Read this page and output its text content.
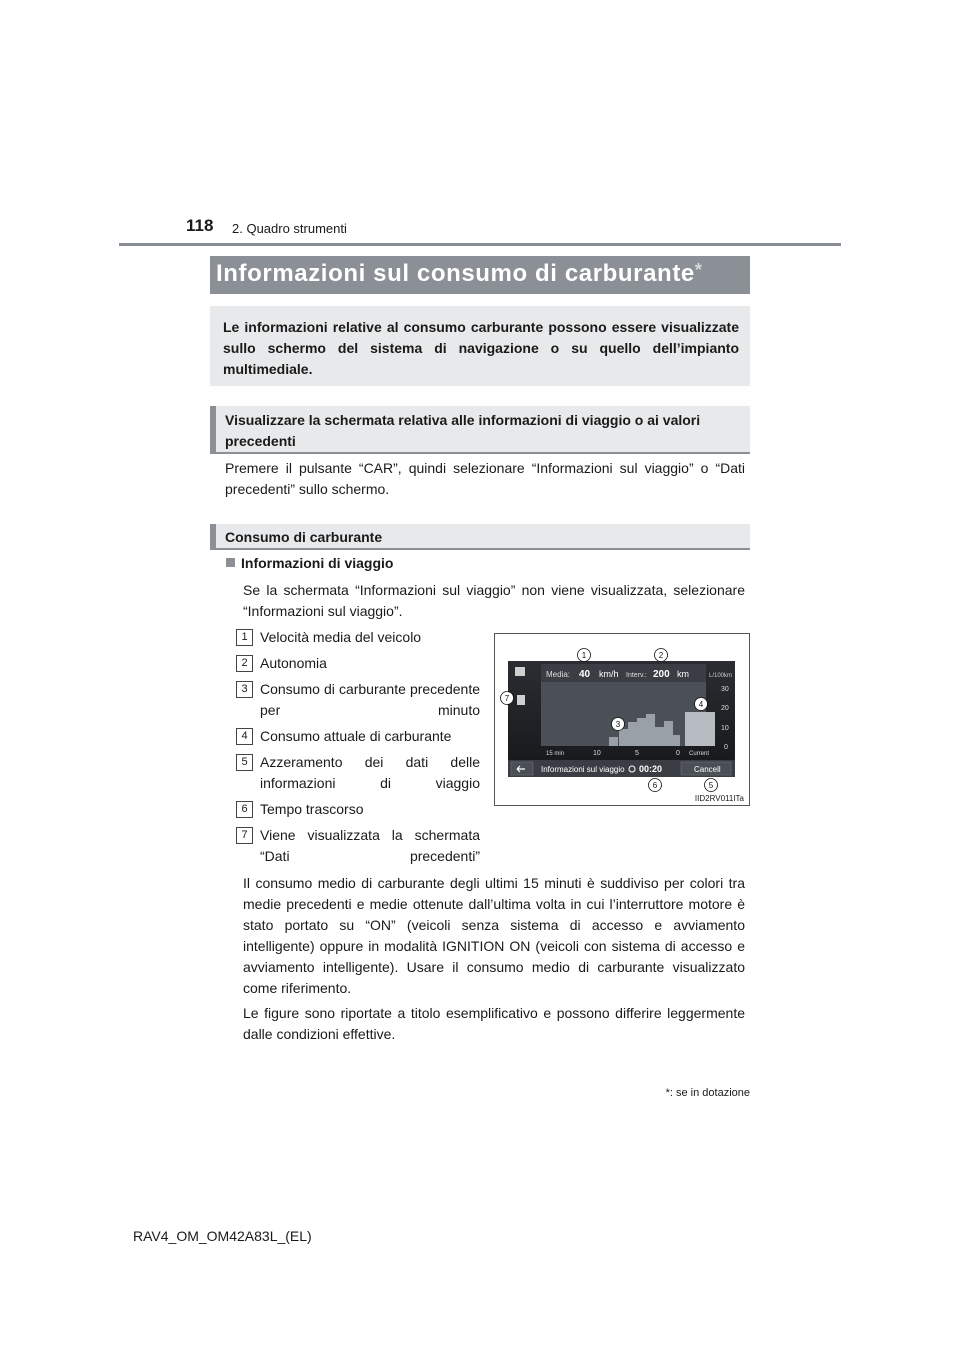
118 2. Quadro strumenti
Informazioni sul consumo di carburante*
Le informazioni relative al consumo carburante possono essere visualizzate sullo schermo del sistema di navigazione o su quello dell’impianto multimediale.
Visualizzare la schermata relativa alle informazioni di viaggio o ai valori precedenti
Premere il pulsante “CAR”, quindi selezionare “Informazioni sul viaggio” o “Dati precedenti” sullo schermo.
Consumo di carburante
Informazioni di viaggio
Se la schermata “Informazioni sul viaggio” non viene visualizzata, selezionare “Informazioni sul viaggio”.
1 Velocità media del veicolo
2 Autonomia
3 Consumo di carburante precedente per minuto
4 Consumo attuale di carburante
5 Azzeramento dei dati delle informazioni di viaggio
6 Tempo trascorso
7 Viene visualizzata la schermata “Dati precedenti”
Media: 40 km/h Interv.: 200 km	L/100km
30
20
10
0
15 min	10	5	0 Current
Informazioni sul viaggio 00:20	Cancell
1	2
3
4
5
6
7
IID2RV011ITa
Il consumo medio di carburante degli ultimi 15 minuti è suddiviso per colori tra medie precedenti e medie ottenute dall’ultima volta in cui l’interruttore motore è stato portato su “ON” (veicoli senza sistema di accesso e avviamento intelligente) oppure in modalità IGNITION ON (veicoli con sistema di accesso e avviamento intelligente). Usare il consumo medio di carburante visualizzato come riferimento.
Le figure sono riportate a titolo esemplificativo e possono differire leggermente dalle condizioni effettive.
*: se in dotazione
RAV4_OM_OM42A83L_(EL)
